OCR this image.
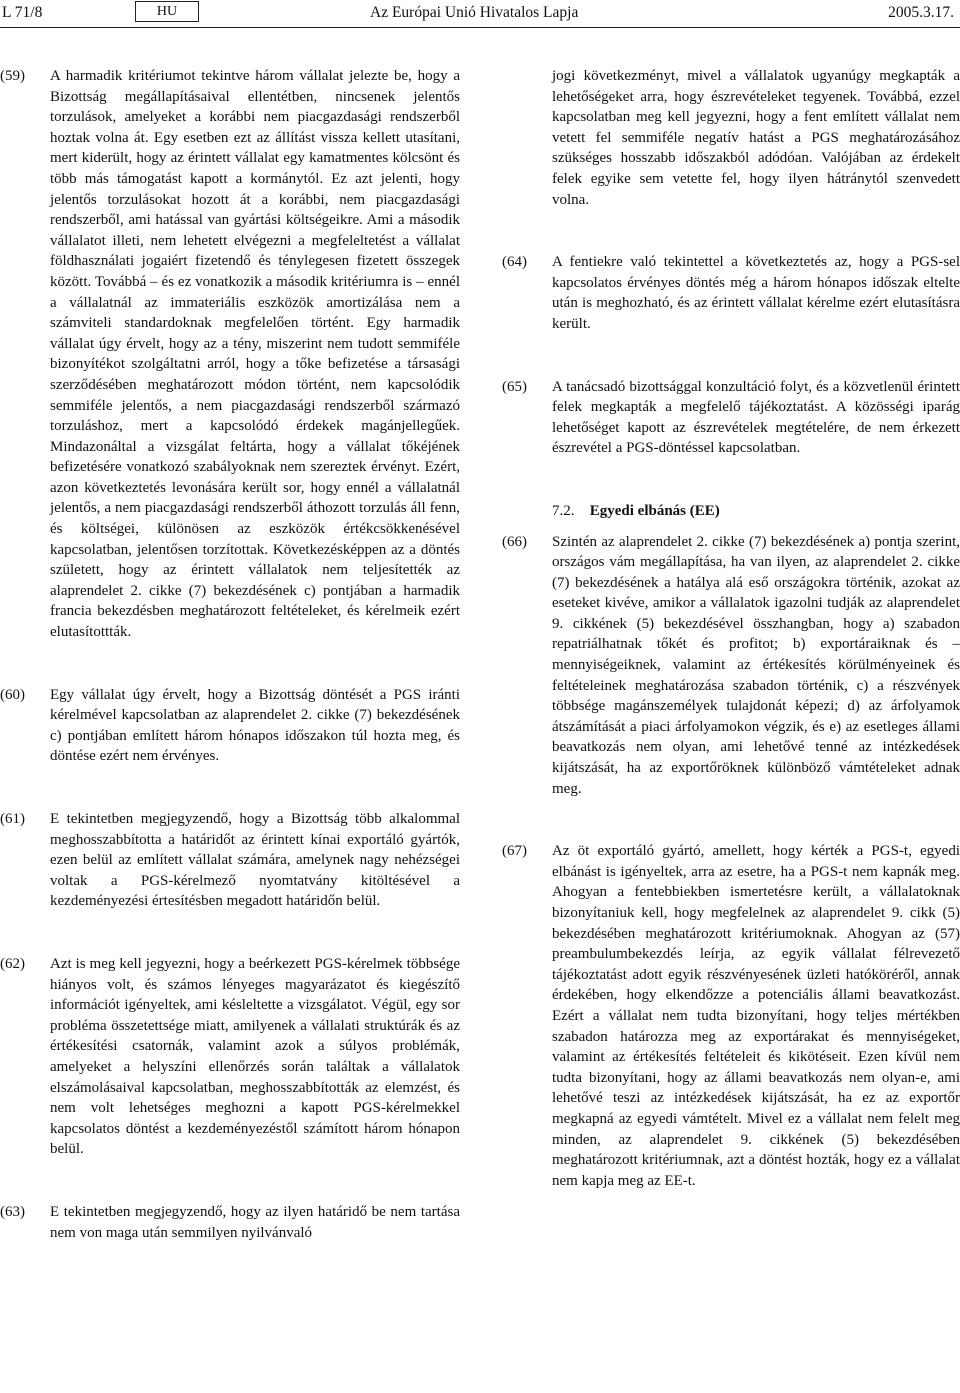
L 71/8	HU	Az Európai Unió Hivatalos Lapja	2005.3.17.
(59)	A harmadik kritériumot tekintve három vállalat jelezte be, hogy a Bizottság megállapításaival ellentétben, nincsenek jelentős torzulások, amelyeket a korábbi nem piacgazdasági rendszerből hoztak volna át. Egy esetben ezt az állítást vissza kellett utasítani, mert kiderült, hogy az érintett vállalat egy kamatmentes kölcsönt és több más támogatást kapott a kormánytól. Ez azt jelenti, hogy jelentős torzulásokat hozott át a korábbi, nem piacgazdasági rendszerből, ami hatással van gyártási költségeikre. Ami a második vállalatot illeti, nem lehetett elvégezni a megfeleltetést a vállalat földhasználati jogaiért fizetendő és ténylegesen fizetett összegek között. Továbbá – és ez vonatkozik a második kritériumra is – ennél a vállalatnál az immateriális eszközök amortizálása nem a számviteli standardoknak megfelelően történt. Egy harmadik vállalat úgy érvelt, hogy az a tény, miszerint nem tudott semmiféle bizonyítékot szolgáltatni arról, hogy a tőke befizetése a társasági szerződésében meghatározott módon történt, nem kapcsolódik semmiféle jelentős, a nem piacgazdasági rendszerből származó torzuláshoz, mert a kapcsolódó érdekek magánjellegűek. Mindazonáltal a vizsgálat feltárta, hogy a vállalat tőkéjének befizetésére vonatkozó szabályoknak nem szereztek érvényt. Ezért, azon következtetés levonására került sor, hogy ennél a vállalatnál jelentős, a nem piacgazdasági rendszerből áthozott torzulás áll fenn, és költségei, különösen az eszközök értékcsökkenésével kapcsolatban, jelentősen torzítottak. Következésképpen az a döntés született, hogy az érintett vállalatok nem teljesítették az alaprendelet 2. cikke (7) bekezdésének c) pontjában a harmadik francia bekezdésben meghatározott feltételeket, és kérelmeik ezért elutasítottták.
(60)	Egy vállalat úgy érvelt, hogy a Bizottság döntését a PGS iránti kérelmével kapcsolatban az alaprendelet 2. cikke (7) bekezdésének c) pontjában említett három hónapos időszakon túl hozta meg, és döntése ezért nem érvényes.
(61)	E tekintetben megjegyzendő, hogy a Bizottság több alkalommal meghosszabbította a határidőt az érintett kínai exportáló gyártók, ezen belül az említett vállalat számára, amelynek nagy nehézségei voltak a PGS-kérelmező nyomtatvány kitöltésével a kezdeményezési értesítésben megadott határidőn belül.
(62)	Azt is meg kell jegyezni, hogy a beérkezett PGS-kérelmek többsége hiányos volt, és számos lényeges magyarázatot és kiegészítő információt igényeltek, ami késleltette a vizsgálatot. Végül, egy sor probléma összetettsége miatt, amilyenek a vállalati struktúrák és az értékesítési csatornák, valamint azok a súlyos problémák, amelyeket a helyszíni ellenőrzés során találtak a vállalatok elszámolásaival kapcsolatban, meghosszabbították az elemzést, és nem volt lehetséges meghozni a kapott PGS-kérelmekkel kapcsolatos döntést a kezdeményezéstől számított három hónapon belül.
(63)	E tekintetben megjegyzendő, hogy az ilyen határidő be nem tartása nem von maga után semmilyen nyilvánvaló
jogi következményt, mivel a vállalatok ugyanúgy megkapták a lehetőségeket arra, hogy észrevételeket tegyenek. Továbbá, ezzel kapcsolatban meg kell jegyezni, hogy a fent említett vállalat nem vetett fel semmiféle negatív hatást a PGS meghatározásához szükséges hosszabb időszakból adódóan. Valójában az érdekelt felek egyike sem vetette fel, hogy ilyen hátránytól szenvedett volna.
(64)	A fentiekre való tekintettel a következtetés az, hogy a PGS-sel kapcsolatos érvényes döntés még a három hónapos időszak eltelte után is meghozható, és az érintett vállalat kérelme ezért elutasításra került.
(65)	A tanácsadó bizottsággal konzultáció folyt, és a közvetlenül érintett felek megkapták a megfelelő tájékoztatást. A közösségi iparág lehetőséget kapott az észrevételek megtételére, de nem érkezett észrevétel a PGS-döntéssel kapcsolatban.
7.2. Egyedi elbánás (EE)
(66)	Szintén az alaprendelet 2. cikke (7) bekezdésének a) pontja szerint, országos vám megállapítása, ha van ilyen, az alaprendelet 2. cikke (7) bekezdésének a hatálya alá eső országokra történik, azokat az eseteket kivéve, amikor a vállalatok igazolni tudják az alaprendelet 9. cikkének (5) bekezdésével összhangban, hogy a) szabadon repatriálhatnak tőkét és profitot; b) exportáraiknak és –mennyiségeiknek, valamint az értékesítés körülményeinek és feltételeinek meghatározása szabadon történik, c) a részvények többsége magánszemélyek tulajdonát képezi; d) az árfolyamok átszámítását a piaci árfolyamokon végzik, és e) az esetleges állami beavatkozás nem olyan, ami lehetővé tenné az intézkedések kijátszását, ha az exportőröknek különböző vámtételeket adnak meg.
(67)	Az öt exportáló gyártó, amellett, hogy kérték a PGS-t, egyedi elbánást is igényeltek, arra az esetre, ha a PGS-t nem kapnák meg. Ahogyan a fentebbiekben ismertetésre került, a vállalatoknak bizonyítaniuk kell, hogy megfelelnek az alaprendelet 9. cikk (5) bekezdésében meghatározott kritériumoknak. Ahogyan az (57) preambulumbekezdés leírja, az egyik vállalat félrevezető tájékoztatást adott egyik részvényesének üzleti hatóköréről, annak érdekében, hogy elkendőzze a potenciális állami beavatkozást. Ezért a vállalat nem tudta bizonyítani, hogy teljes mértékben szabadon határozza meg az exportárakat és mennyiségeket, valamint az értékesítés feltételeit és kikötéseit. Ezen kívül nem tudta bizonyítani, hogy az állami beavatkozás nem olyan-e, ami lehetővé teszi az intézkedések kijátszását, ha ez az exportőr megkapná az egyedi vámtételt. Mivel ez a vállalat nem felelt meg minden, az alaprendelet 9. cikkének (5) bekezdésében meghatározott kritériumnak, azt a döntést hozták, hogy ez a vállalat nem kapja meg az EE-t.
